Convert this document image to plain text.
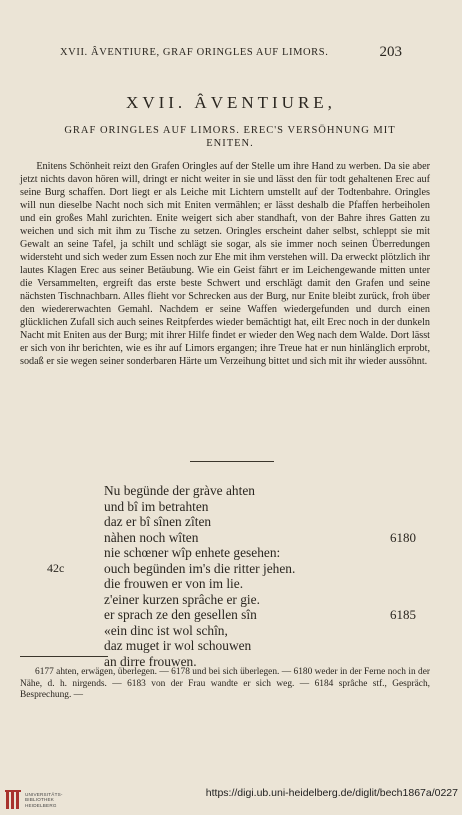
XVII. ÂVENTIURE, GRAF ORINGLES AUF LIMORS.	203
XVII. ÂVENTIURE,
GRAF ORINGLES AUF LIMORS. EREC'S VERSÖHNUNG MIT
ENITEN.

Enitens Schönheit reizt den Grafen Oringles auf der Stelle um ihre Hand zu werben. Da sie aber jetzt nichts davon hören will, dringt er nicht weiter in sie und lässt den für todt gehaltenen Erec auf seine Burg schaffen. Dort liegt er als Leiche mit Lichtern umstellt auf der Todtenbahre. Oringles will nun dieselbe Nacht noch sich mit Eniten vermählen; er lässt deshalb die Pfaffen herbeiholen und ein großes Mahl zurichten. Enite weigert sich aber standhaft, von der Bahre ihres Gatten zu weichen und sich mit ihm zu Tische zu setzen. Oringles erscheint daher selbst, schleppt sie mit Gewalt an seine Tafel, ja schilt und schlägt sie sogar, als sie immer noch seinen Überredungen widersteht und sich weder zum Essen noch zur Ehe mit ihm verstehen will. Da erweckt plötzlich ihr lautes Klagen Erec aus seiner Betäubung. Wie ein Geist fährt er im Leichengewande mitten unter die Versammelten, ergreift das erste beste Schwert und erschlägt damit den Grafen und seine nächsten Tischnachbarn. Alles flieht vor Schrecken aus der Burg, nur Enite bleibt zurück, froh über den wiedererwachten Gemahl. Nachdem er seine Waffen wiedergefunden und durch einen glücklichen Zufall sich auch seines Reitpferdes wieder bemächtigt hat, eilt Erec noch in der dunkeln Nacht mit Eniten aus der Burg; mit ihrer Hilfe findet er wieder den Weg nach dem Walde. Dort lässt er sich von ihr berichten, wie es ihr auf Limors ergangen; ihre Treue hat er nun hinlänglich erprobt, sodaß er sie wegen seiner sonderbaren Härte um Verzeihung bittet und sich mit ihr wieder aussöhnt.

Nu begünde der gràve ahten
und bî im betrahten
daz er bî sînen zîten
nàhen noch wîten	6180
nie schœner wîp enhete gesehen:
42c	ouch begünden im's die ritter jehen.
die frouwen er von im lie.
z'einer kurzen sprâche er gie.
er sprach ze den gesellen sîn	6185
«ein dinc ist wol schîn,
daz muget ir wol schouwen
an dirre frouwen.

6177 ahten, erwägen, überlegen. — 6178 und bei sich überlegen. — 6180 weder in der Ferne noch in der Nähe, d. h. nirgends. — 6183 von der Frau wandte er sich weg. — 6184 sprâche stf., Gespräch, Besprechung. —

UNIVERSITÄTS-
BIBLIOTHEK
HEIDELBERG
https://digi.ub.uni-heidelberg.de/diglit/bech1867a/0227
